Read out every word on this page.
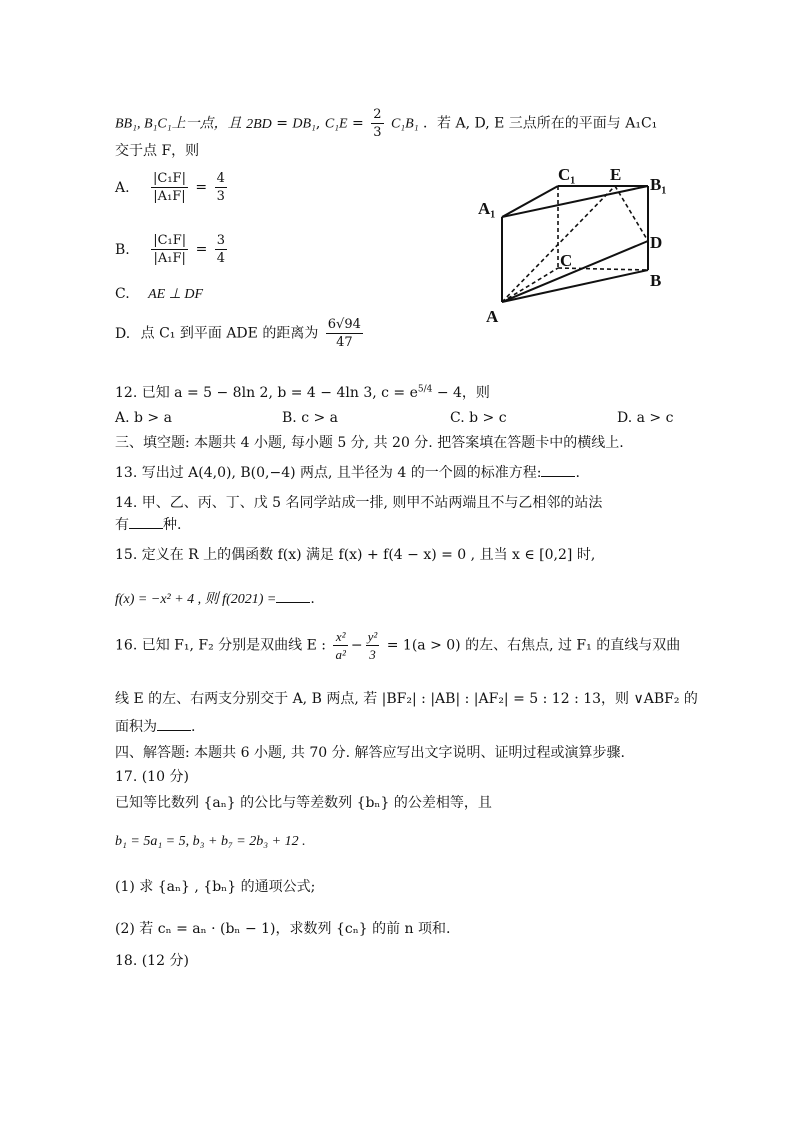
BB₁, B₁C₁上一点，且 2BD = DB₁, $C_1E = \frac{2}{3} C_1B_1$ ．若 A, D, E 三点所在的平面与 A₁C₁
交于点 F，则
A. $\frac{\text{|C₁F|}}{\text{|A₁F|}} = \frac{4}{3}$
B. $\frac{\text{|C₁F|}}{\text{|A₁F|}} = \frac{3}{4}$
C. AE ⊥ DF
D. 点 C₁ 到平面 ADE 的距离为 $\frac{6√94}{47}$
A₁
C₁ E
B₁
C
D
B
A
12. 已知 a = 5 − 8ln 2, b = 4 − 4ln 3, $c = e^{5/4} - 4$，则
A. b > a	B. c > a	C. b > c	D. a > c
三、填空题: 本题共 4 小题, 每小题 5 分, 共 20 分. 把答案填在答题卡中的横线上.
13. 写出过 A(4,0), B(0,−4) 两点, 且半径为 4 的一个圆的标准方程: .
14. 甲、乙、丙、丁、戊 5 名同学站成一排, 则甲不站两端且不与乙相邻的站法
有 种.
15. 定义在 R 上的偶函数 f(x) 满足 f(x) + f(4 − x) = 0 , 且当 x ∈ [0,2] 时,
f(x) = −x² + 4 , 则 f(2021) = .
16. 已知 F₁, F₂ 分别是双曲线 E : $\frac{\text{x²}}{\text{a²}} - \frac{\text{y²}}{3} = 1(a > 0)$ 的左、右焦点, 过 F₁ 的直线与双曲
线 E 的左、右两支分别交于 A, B 两点, 若 |BF₂| : |AB| : |AF₂| = 5 : 12 : 13，则 ∨ABF₂ 的
面积为 .
四、解答题: 本题共 6 小题, 共 70 分. 解答应写出文字说明、证明过程或演算步骤.
17. (10 分)
已知等比数列 {aₙ} 的公比与等差数列 {bₙ} 的公差相等，且
b₁ = 5a₁ = 5, b₃ + b₇ = 2b₃ + 12 .
(1) 求 {aₙ} , {bₙ} 的通项公式;
(2) 若 cₙ = aₙ · (bₙ − 1)，求数列 {cₙ} 的前 n 项和.
18. (12 分)
